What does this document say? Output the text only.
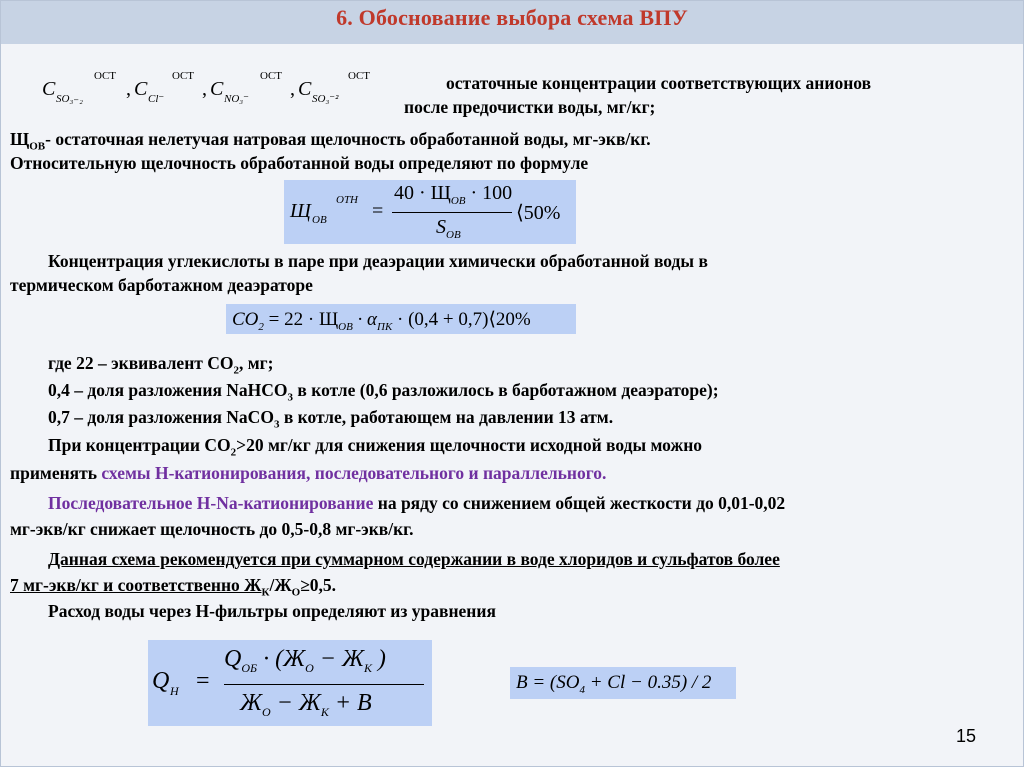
6. Обоснование выбора схема ВПУ
C SO₃₋₂
OCT
, C Cl⁻
OCT
, C NO₃⁻
OCT
, C SO₃⁻²
OCT	остаточные концентрации соответствующих анионов
после предочистки воды, мг/кг;
$Щ_{ОВ}-$ остаточная нелетучая натровая щелочность обработанной воды, мг-экв/кг.
Относительную щелочность обработанной воды определяют по формуле
Щ ОВ
ОТН =
$40 \cdot Щ_{ОВ} \cdot 100$
$S_{ОВ}$
⟨50%
Концентрация углекислоты в паре при деаэрации химически обработанной воды в
термическом барботажном деаэраторе
$CO_2 = 22 \cdot Щ_{ОВ} \cdot \alpha_{ПК} \cdot (0,4$ + 0,7)⟨20%
где 22 – эквивалент $СО_2$, мг;
0,4 – доля разложения NaHCO$_3$ в котле (0,6 разложилось в барботажном деаэраторе);
0,7 – доля разложения NaCO$_3$ в котле, работающем на давлении 13 атм.
При концентрации $СО_2>20$ мг/кг для снижения щелочности исходной воды можно
применять схемы Н-катионирования, последовательного и параллельного.
Последовательное Н-Na-катионирование на ряду со снижением общей жесткости до 0,01-0,02
мг-экв/кг снижает щелочность до 0,5-0,8 мг-экв/кг.
Данная схема рекомендуется при суммарном содержании в воде хлоридов и сульфатов более
7 мг-экв/кг и соответственно $Ж_К/Ж_О\ge 0,5$.
Расход воды через Н-фильтры определяют из уравнения
Q Н =
$Q_{ОБ} \cdot (Ж_О - Ж_К$ )
$Ж_О - Ж_К + B$
$B = (SO_4 + Cl - 0.35) / 2$
15
